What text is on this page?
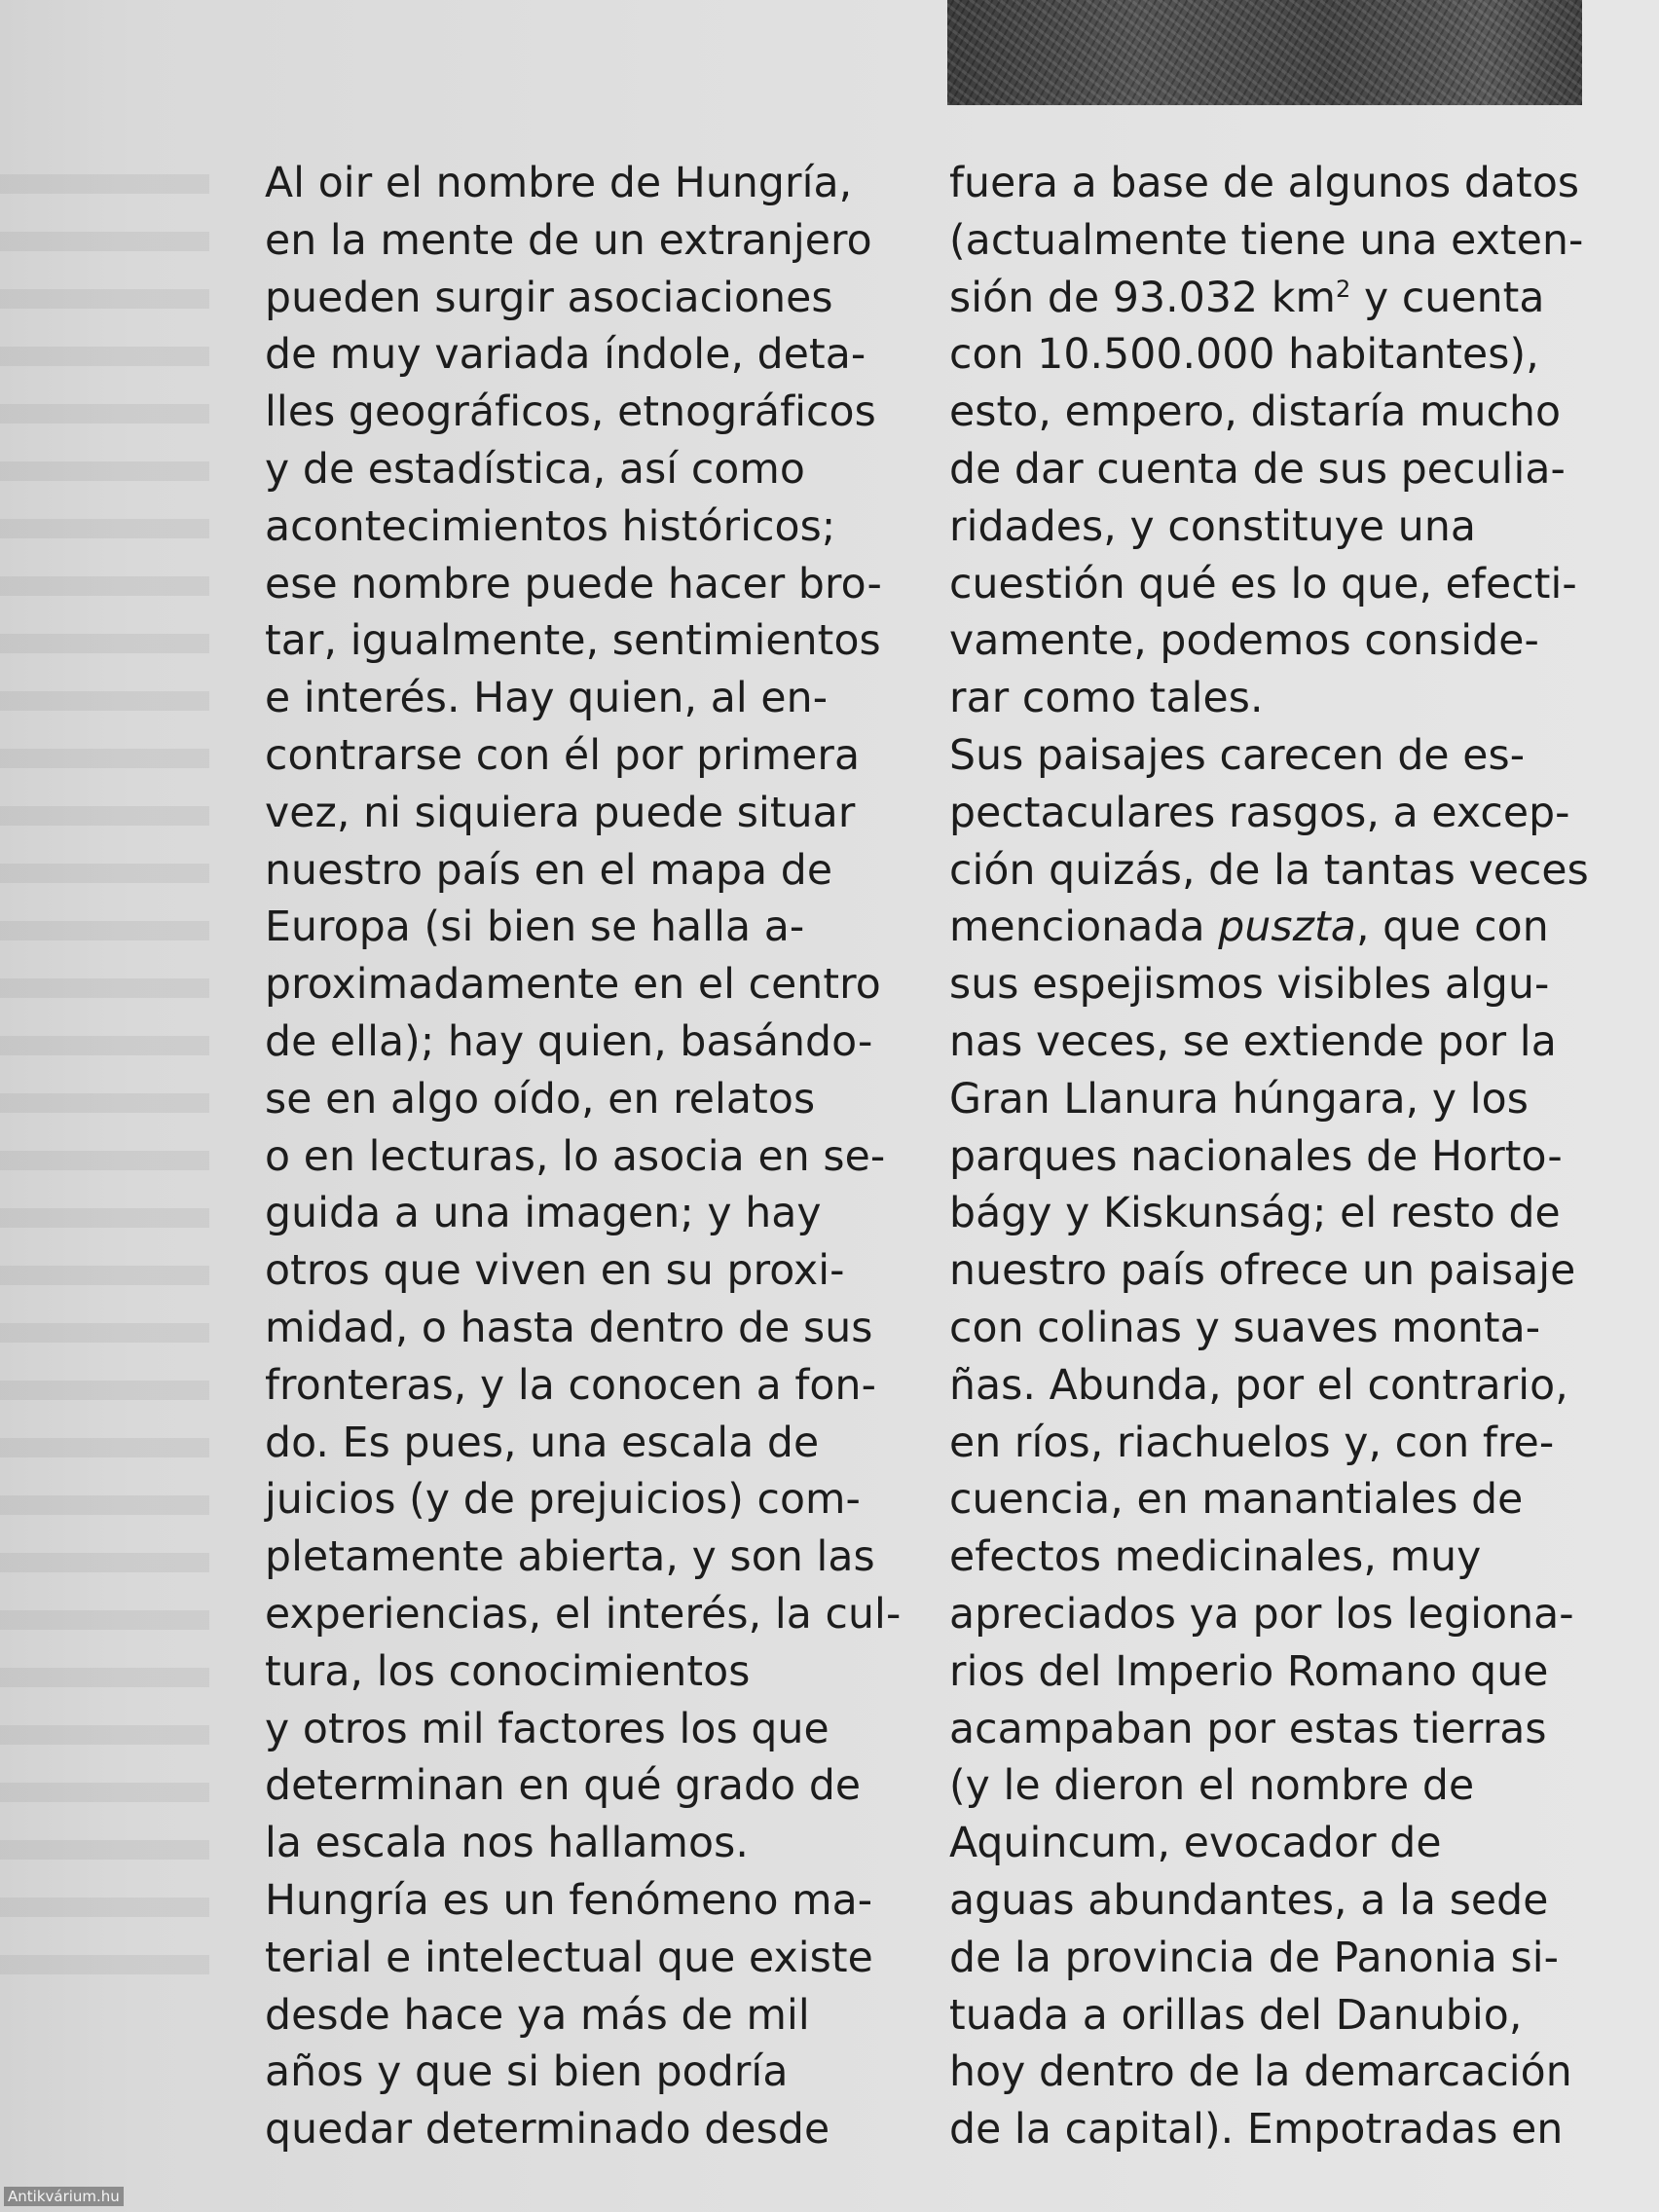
Al oir el nombre de Hungría,
en la mente de un extranjero
pueden surgir asociaciones
de muy variada índole, deta-
lles geográficos, etnográficos
y de estadística, así como
acontecimientos históricos;
ese nombre puede hacer bro-
tar, igualmente, sentimientos
e interés. Hay quien, al en-
contrarse con él por primera
vez, ni siquiera puede situar
nuestro país en el mapa de
Europa (si bien se halla a-
proximadamente en el centro
de ella); hay quien, basándo-
se en algo oído, en relatos
o en lecturas, lo asocia en se-
guida a una imagen; y hay
otros que viven en su proxi-
midad, o hasta dentro de sus
fronteras, y la conocen a fon-
do. Es pues, una escala de
juicios (y de prejuicios) com-
pletamente abierta, y son las
experiencias, el interés, la cul-
tura, los conocimientos
y otros mil factores los que
determinan en qué grado de
la escala nos hallamos.
Hungría es un fenómeno ma-
terial e intelectual que existe
desde hace ya más de mil
años y que si bien podría
quedar determinado desde
fuera a base de algunos datos
(actualmente tiene una exten-
sión de 93.032 $km^2$ y cuenta
con 10.500.000 habitantes),
esto, empero, distaría mucho
de dar cuenta de sus peculia-
ridades, y constituye una
cuestión qué es lo que, efecti-
vamente, podemos conside-
rar como tales.
Sus paisajes carecen de es-
pectaculares rasgos, a excep-
ción quizás, de la tantas veces
mencionada puszta, que con
sus espejismos visibles algu-
nas veces, se extiende por la
Gran Llanura húngara, y los
parques nacionales de Horto-
bágy y Kiskunság; el resto de
nuestro país ofrece un paisaje
con colinas y suaves monta-
ñas. Abunda, por el contrario,
en ríos, riachuelos y, con fre-
cuencia, en manantiales de
efectos medicinales, muy
apreciados ya por los legiona-
rios del Imperio Romano que
acampaban por estas tierras
(y le dieron el nombre de
Aquincum, evocador de
aguas abundantes, a la sede
de la provincia de Panonia si-
tuada a orillas del Danubio,
hoy dentro de la demarcación
de la capital). Empotradas en
Antikvárium.hu
